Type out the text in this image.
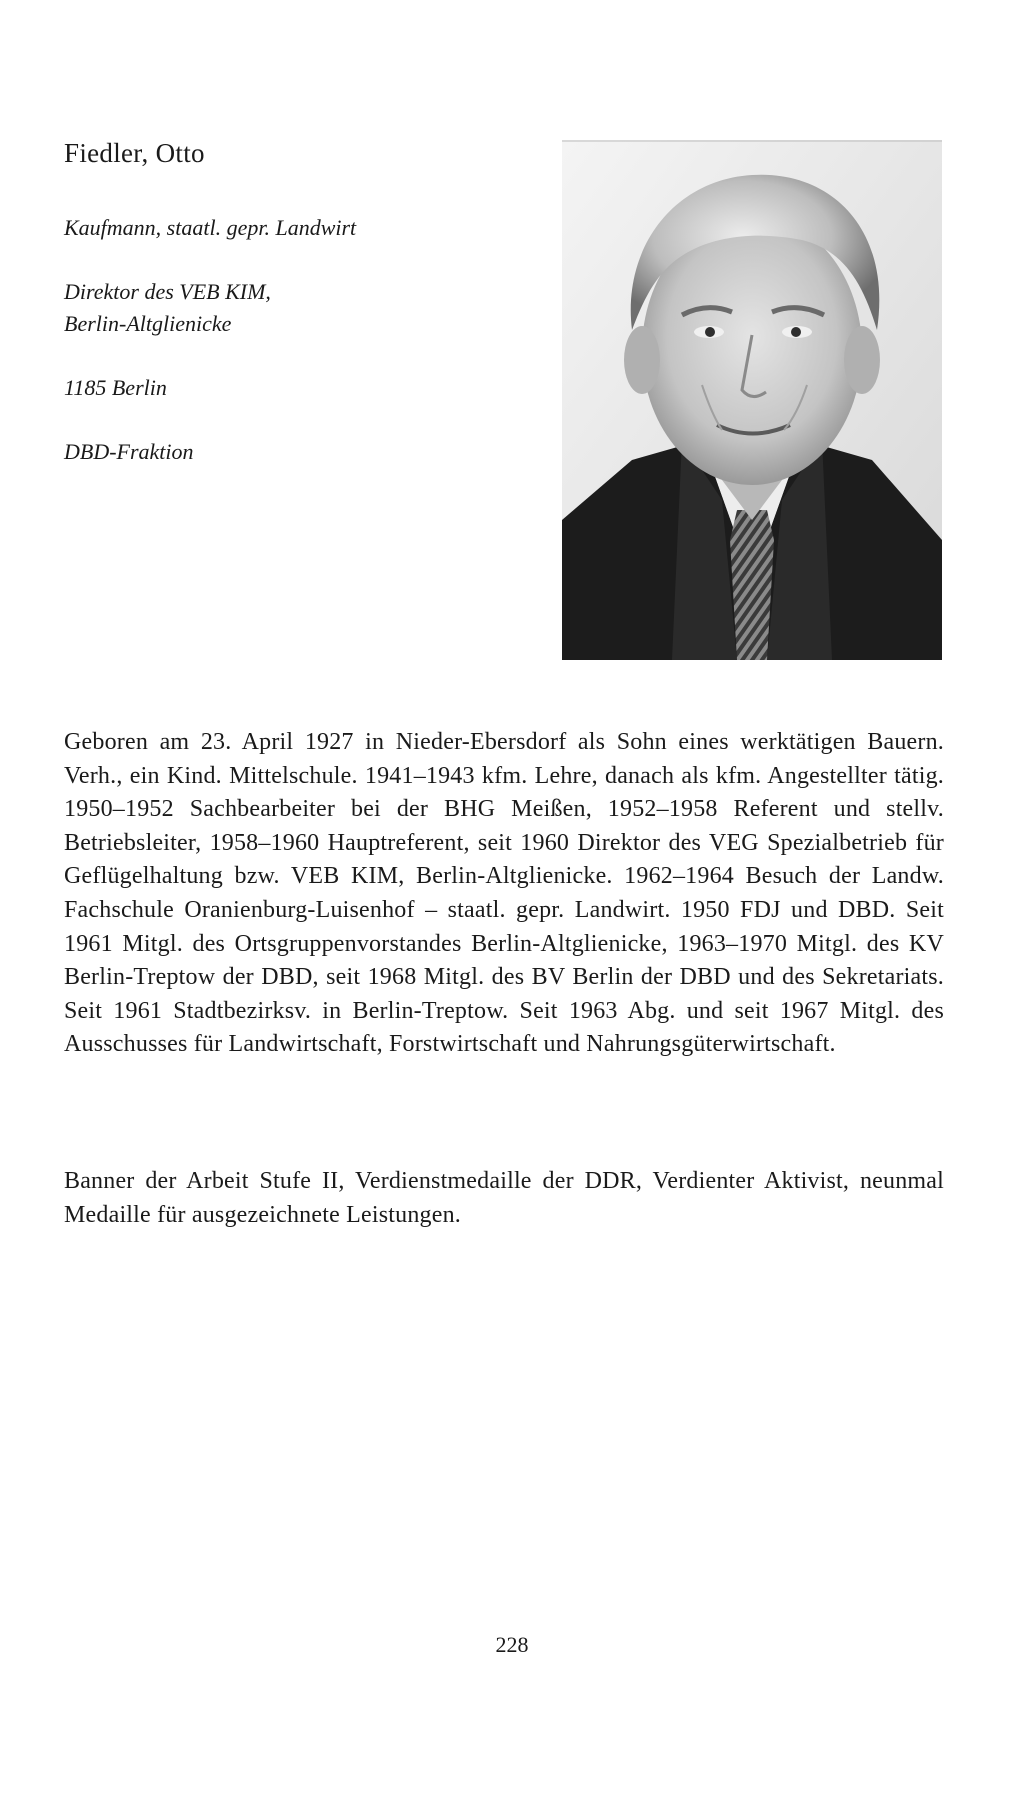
Fiedler, Otto

Kaufmann, staatl. gepr. Landwirt

Direktor des VEB KIM,
Berlin-Altglienicke

1185 Berlin

DBD-Fraktion

Geboren am 23. April 1927 in Nieder-Ebersdorf als Sohn eines werktätigen Bauern. Verh., ein Kind. Mittelschule. 1941–1943 kfm. Lehre, danach als kfm. Angestellter tätig. 1950–1952 Sachbearbeiter bei der BHG Meißen, 1952–1958 Referent und stellv. Betriebsleiter, 1958–1960 Hauptreferent, seit 1960 Direktor des VEG Spezialbetrieb für Geflügelhaltung bzw. VEB KIM, Berlin-Altglienicke. 1962–1964 Besuch der Landw. Fachschule Oranienburg-Luisenhof – staatl. gepr. Landwirt. 1950 FDJ und DBD. Seit 1961 Mitgl. des Ortsgruppenvorstandes Berlin-Altglienicke, 1963–1970 Mitgl. des KV Berlin-Treptow der DBD, seit 1968 Mitgl. des BV Berlin der DBD und des Sekretariats. Seit 1961 Stadtbezirksv. in Berlin-Treptow. Seit 1963 Abg. und seit 1967 Mitgl. des Ausschusses für Landwirtschaft, Forstwirtschaft und Nahrungsgüterwirtschaft.

Banner der Arbeit Stufe II, Verdienstmedaille der DDR, Verdienter Aktivist, neunmal Medaille für ausgezeichnete Leistungen.

228
